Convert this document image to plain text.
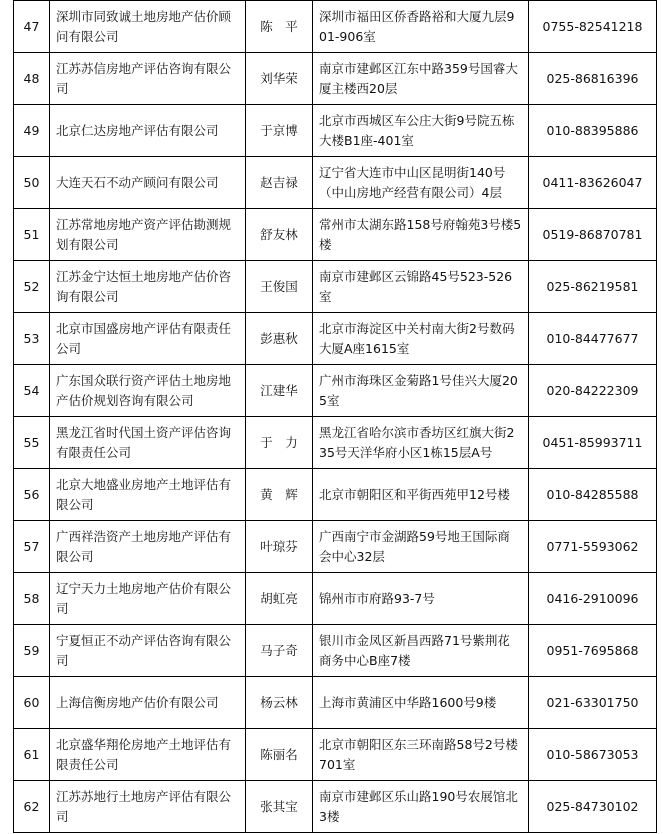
47	深圳市同致诚土地房地产估价顾问有限公司	陈　平	深圳市福田区侨香路裕和大厦九层901-906室	0755-82541218
48	江苏苏信房地产评估咨询有限公司	刘华荣	南京市建邺区江东中路359号国睿大厦主楼西20层	025-86816396
49	北京仁达房地产评估有限公司	于京博	北京市西城区车公庄大街9号院五栋大楼B1座-401室	010-88395886
50	大连天石不动产顾问有限公司	赵吉禄	辽宁省大连市中山区昆明街140号（中山房地产经营有限公司）4层	0411-83626047
51	江苏常地房地产资产评估勘测规划有限公司	舒友林	常州市太湖东路158号府翰苑3号楼5楼	0519-86870781
52	江苏金宁达恒土地房地产估价咨询有限公司	王俊国	南京市建邺区云锦路45号523-526室	025-86219581
53	北京市国盛房地产评估有限责任公司	彭惠秋	北京市海淀区中关村南大街2号数码大厦A座1615室	010-84477677
54	广东国众联行资产评估土地房地产估价规划咨询有限公司	江建华	广州市海珠区金菊路1号佳兴大厦205室	020-84222309
55	黑龙江省时代国土资产评估咨询有限责任公司	于　力	黑龙江省哈尔滨市香坊区红旗大街235号天洋华府小区1栋15层A号	0451-85993711
56	北京大地盛业房地产土地评估有限公司	黄　辉	北京市朝阳区和平街西苑甲12号楼	010-84285588
57	广西祥浩资产土地房地产评估有限公司	叶琼芬	广西南宁市金湖路59号地王国际商会中心32层	0771-5593062
58	辽宁天力土地房地产估价有限公司	胡虹亮	锦州市市府路93-7号	0416-2910096
59	宁夏恒正不动产评估咨询有限公司	马子奇	银川市金凤区新昌西路71号紫荆花商务中心B座7楼	0951-7695868
60	上海信衡房地产估价有限公司	杨云林	上海市黄浦区中华路1600号9楼	021-63301750
61	北京盛华翔伦房地产土地评估有限责任公司	陈丽名	北京市朝阳区东三环南路58号2号楼701室	010-58673053
62	江苏苏地行土地房产评估有限公司	张其宝	南京市建邺区乐山路190号农展馆北3楼	025-84730102
